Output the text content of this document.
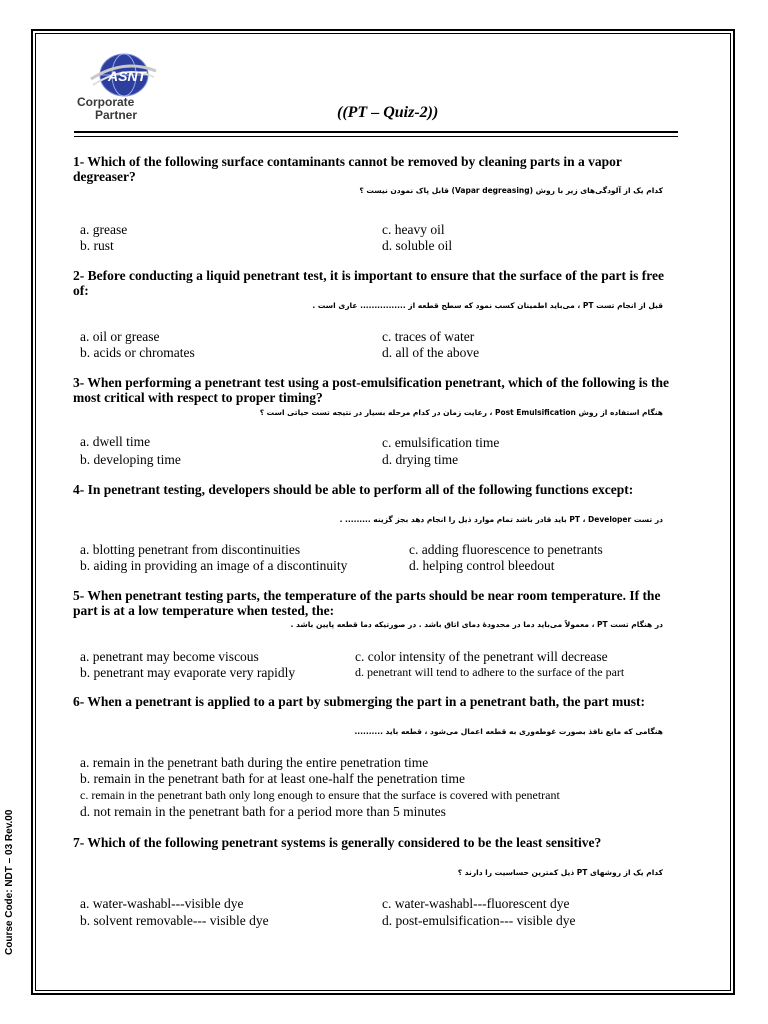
ASNT
Corporate
Partner	((PT – Quiz-2))
Course Code: NDT – 03 Rev.00
1- Which of the following surface contaminants cannot be removed by cleaning parts in a vapor degreaser?
کدام یک از آلودگی‌های زیر با روش (Vapar degreasing) قابل پاک نمودن نیست ؟
a. grease
b. rust
c. heavy oil
d. soluble oil
2- Before conducting a liquid penetrant test, it is important to ensure that the surface of the part is free of:
قبل از انجام تست PT ، می‌باید اطمینان کسب نمود که سطح قطعه از ................ عاری است .
a. oil or grease
b. acids or chromates
c. traces of water
d. all of the above
3- When performing a penetrant test using a post-emulsification penetrant, which of the following is the most critical with respect to proper timing?
هنگام استفاده از روش Post Emulsification ، رعایت زمان در کدام مرحله بسیار در نتیجه تست حیاتی است ؟
a. dwell time
b. developing time
c. emulsification time
d. drying time
4- In penetrant testing, developers should be able to perform all of the following functions except:
در تست PT ، Developer باید قادر باشد تمام موارد ذیل را انجام دهد بجز گزینه ......... .
a. blotting penetrant from discontinuities
b. aiding in providing an image of a discontinuity
c. adding fluorescence to penetrants
d. helping control bleedout
5- When penetrant testing parts, the temperature of the parts should be near room temperature. If the part is at a low temperature when tested, the:
در هنگام تست PT ، معمولاً می‌باید دما در محدودهٔ دمای اتاق باشد . در صورتیکه دما قطعه پایین باشد .
a. penetrant may become viscous
b. penetrant may evaporate very rapidly
c. color intensity of the penetrant will decrease
d. penetrant will tend to adhere to the surface of the part
6- When a penetrant is applied to a part by submerging the part in a penetrant bath, the part must:
هنگامی که مایع نافذ بصورت غوطه‌وری به قطعه اعمال می‌شود ، قطعه باید ..........
a. remain in the penetrant bath during the entire penetration time
b. remain in the penetrant bath for at least one-half the penetration time
c. remain in the penetrant bath only long enough to ensure that the surface is covered with penetrant
d. not remain in the penetrant bath for a period more than 5 minutes
7- Which of the following penetrant systems is generally considered to be the least sensitive?
کدام یک از روشهای PT ذیل کمترین حساسیت را دارند ؟
a. water-washabl---visible dye
b. solvent removable--- visible dye
c. water-washabl---fluorescent dye
d. post-emulsification--- visible dye
